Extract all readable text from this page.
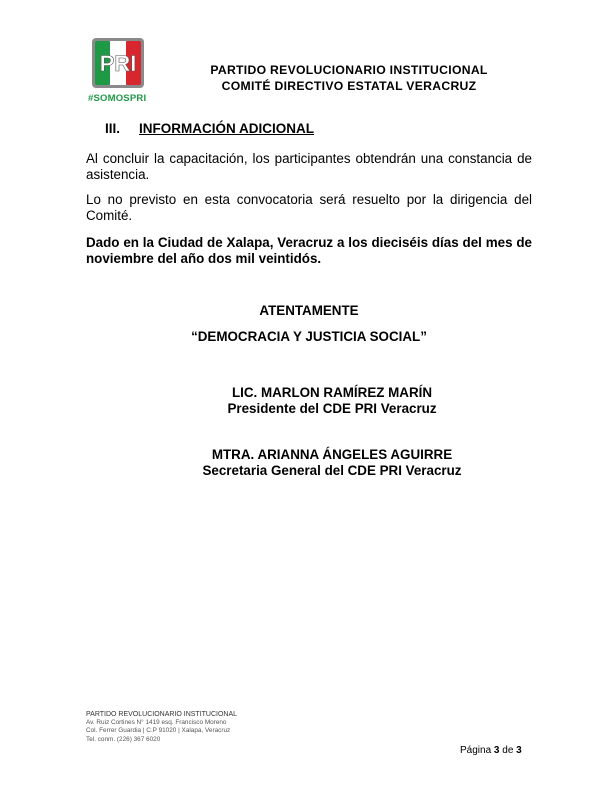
PRI
#SOMOSPRI
PARTIDO REVOLUCIONARIO INSTITUCIONAL
COMITÉ DIRECTIVO ESTATAL VERACRUZ
III. INFORMACIÓN ADICIONAL
Al concluir la capacitación, los participantes obtendrán una constancia de asistencia.
Lo no previsto en esta convocatoria será resuelto por la dirigencia del Comité.
Dado en la Ciudad de Xalapa, Veracruz a los dieciséis días del mes de noviembre del año dos mil veintidós.
ATENTAMENTE
“DEMOCRACIA Y JUSTICIA SOCIAL”
LIC. MARLON RAMÍREZ MARÍN
Presidente del CDE PRI Veracruz
MTRA. ARIANNA ÁNGELES AGUIRRE
Secretaria General del CDE PRI Veracruz
PARTIDO REVOLUCIONARIO INSTITUCIONAL
Av. Ruiz Cortines N° 1419 esq. Francisco Moreno
Col. Ferrer Guardia | C.P 91020 | Xalapa, Veracruz
Tel. conm. (226) 367 6020
Página 3 de 3
